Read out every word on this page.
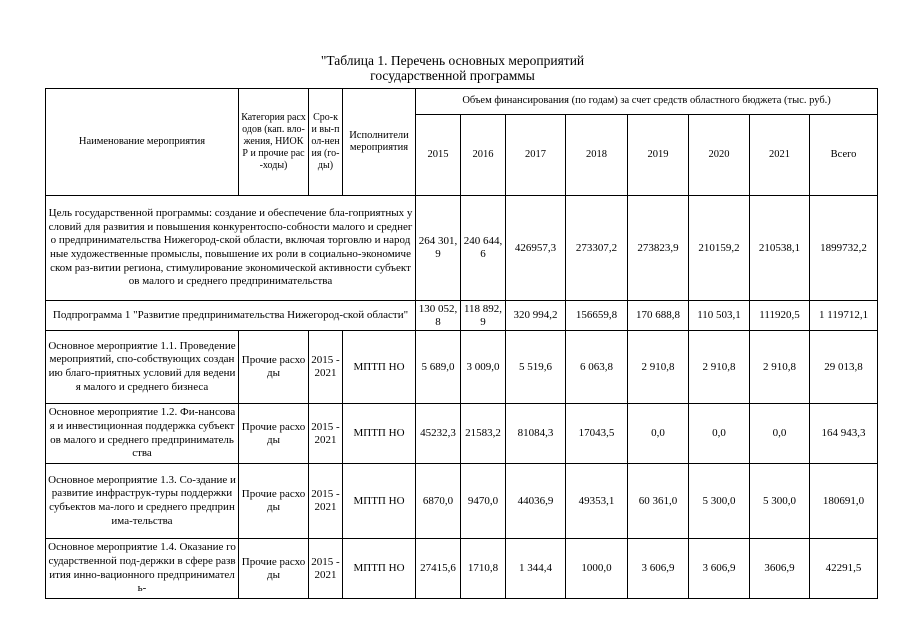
"Таблица 1. Перечень основных мероприятий
государственной программы
Наименование мероприятия	Категория расходов (кап. вло-жения, НИОКР и прочие рас-ходы)	Сро-ки вы-пол-нения (го-ды)	Исполнители мероприятия	Объем финансирования (по годам) за счет средств областного бюджета (тыс. руб.)							
				2015	2016	2017	2018	2019	2020	2021	Всего
Цель государственной программы: создание и обеспечение бла-гоприятных условий для развития и повышения конкурентоспо-собности малого и среднего предпринимательства Нижегород-ской области, включая торговлю и народные художественные промыслы, повышение их роли в социально-экономическом раз-витии региона, стимулирование экономической активности субъектов малого и среднего предпринимательства				264 301,9	240 644,6	426957,3	273307,2	273823,9	210159,2	210538,1	1899732,2
Подпрограмма 1 "Развитие предпринимательства Нижегород-ской области"				130 052,8	118 892,9	320 994,2	156659,8	170 688,8	110 503,1	111920,5	1 119712,1
Основное мероприятие 1.1. Проведение мероприятий, спо-собствующих созданию благо-приятных условий для ведения малого и среднего бизнеса	Прочие расходы	2015 - 2021	МПТП НО	5 689,0	3 009,0	5 519,6	6 063,8	2 910,8	2 910,8	2 910,8	29 013,8
Основное мероприятие 1.2. Фи-нансовая и инвестиционная поддержка субъектов малого и среднего предпринимательства	Прочие расходы	2015 - 2021	МПТП НО	45232,3	21583,2	81084,3	17043,5	0,0	0,0	0,0	164 943,3
Основное мероприятие 1.3. Со-здание и развитие инфраструк-туры поддержки субъектов ма-лого и среднего предпринима-тельства	Прочие расходы	2015 - 2021	МПТП НО	6870,0	9470,0	44036,9	49353,1	60 361,0	5 300,0	5 300,0	180691,0
Основное мероприятие 1.4. Оказание государственной под-держки в сфере развития инно-вационного предприниматель-	Прочие расходы	2015 - 2021	МПТП НО	27415,6	1710,8	1 344,4	1000,0	3 606,9	3 606,9	3606,9	42291,5
